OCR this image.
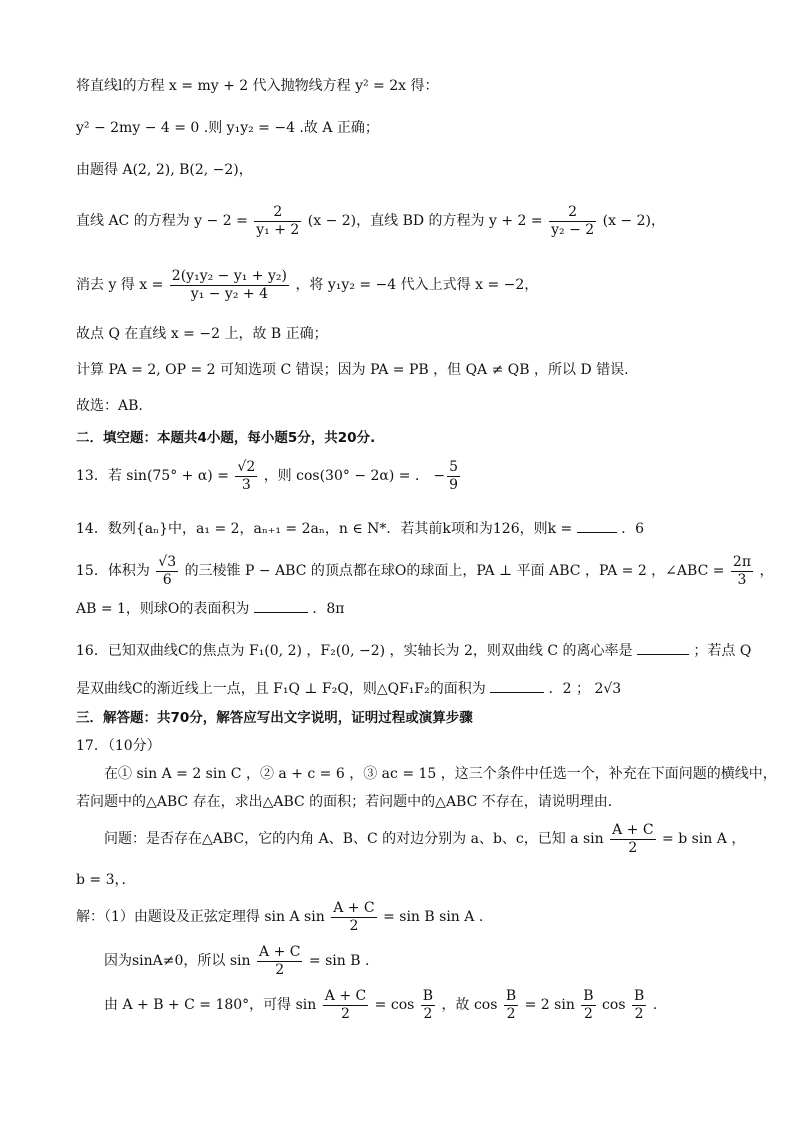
将直线l的方程 x = my + 2 代入抛物线方程 y² = 2x 得：
y² − 2my − 4 = 0 .则 y₁y₂ = −4 .故 A 正确；
由题得 A(2, 2), B(2, −2)，
直线 AC 的方程为 $y - 2 = \frac{2}{\text{y₁ + 2}} (x - 2)$，直线 BD 的方程为 $y + 2 = \frac{2}{\text{y₂ − 2}} (x - 2)$，
消去 y 得 $x = \frac{\text{2(y₁y₂ − y₁ + y₂)}}{\text{y₁ − y₂ + 4}}$ ，将 y₁y₂ = −4 代入上式得 x = −2，
故点 Q 在直线 x = −2 上，故 B 正确；
计算 PA = 2, OP = 2 可知选项 C 错误；因为 PA = PB ，但 QA ≠ QB ，所以 D 错误.
故选：AB.
二．填空题：本题共4小题，每小题5分，共20分.
13．若 $\sin(75^\circ + \alpha) = \frac{√2}{3}$ ，则 cos(30° − 2α) = ． − $\frac{5}{9}$
14．数列{aₙ}中，a₁ = 2，aₙ₊₁ = 2aₙ，n ∈ N*．若其前k项和为126，则k =	．6
15．体积为 $\frac{√3}{6}$ 的三棱锥 P − ABC 的顶点都在球O的球面上，PA ⊥ 平面 ABC ，PA = 2 ，∠ABC = $\frac{2\pi}{3}$ ，
AB = 1，则球O的表面积为	．8π
16．已知双曲线C的焦点为 F₁(0, 2) ，F₂(0, −2) ，实轴长为 2，则双曲线 C 的离心率是	；若点 Q
是双曲线C的渐近线上一点，且 F₁Q ⊥ F₂Q，则△QF₁F₂的面积为	．2 ； 2√3
三．解答题：共70分，解答应写出文字说明，证明过程或演算步骤
17．（10分）
在① sin A = 2 sin C ，② a + c = 6 ，③ ac = 15 ，这三个条件中任选一个，补充在下面问题的横线中，
若问题中的△ABC 存在，求出△ABC 的面积；若问题中的△ABC 不存在，请说明理由．
问题：是否存在△ABC，它的内角 A、B、C 的对边分别为 a、b、c，已知 a $\sin \frac{A + C}{2} = b$ sin A ，
b = 3，．
解：（1）由题设及正弦定理得 sin A $\sin \frac{A + C}{2} = \sin B$ sin A .
因为sinA≠0，所以 $\sin \frac{A + C}{2} = \sin B$ .
由 A + B + C = 180°，可得 $\sin \frac{A + C}{2} = \cos \frac{B}{2}$ ，故 $\cos \frac{B}{2} = 2$ $\sin \frac{B}{2}$ $\cos \frac{B}{2}$ .
